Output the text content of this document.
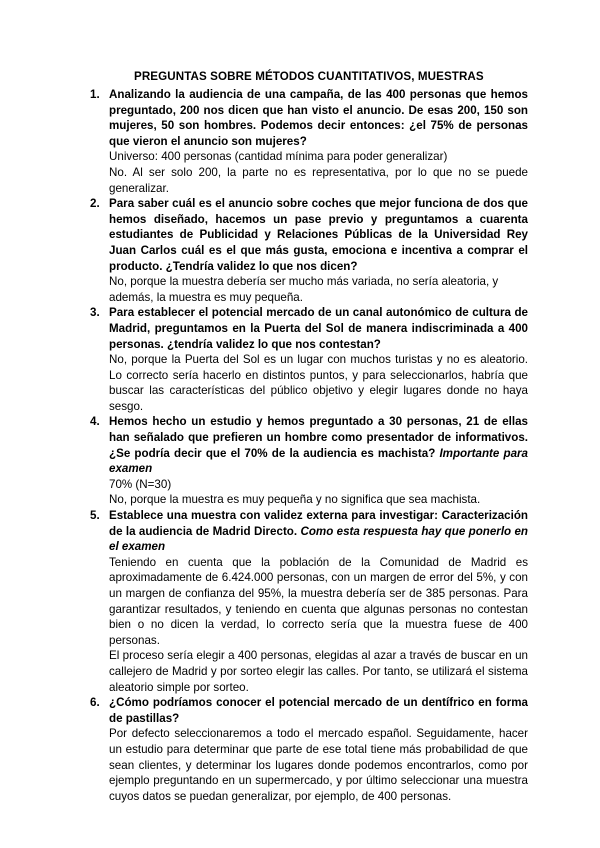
PREGUNTAS SOBRE MÉTODOS CUANTITATIVOS, MUESTRAS
1. Analizando la audiencia de una campaña, de las 400 personas que hemos preguntado, 200 nos dicen que han visto el anuncio. De esas 200, 150 son mujeres, 50 son hombres. Podemos decir entonces: ¿el 75% de personas que vieron el anuncio son mujeres?

Universo: 400 personas (cantidad mínima para poder generalizar)

No. Al ser solo 200, la parte no es representativa, por lo que no se puede generalizar.

2. Para saber cuál es el anuncio sobre coches que mejor funciona de dos que hemos diseñado, hacemos un pase previo y preguntamos a cuarenta estudiantes de Publicidad y Relaciones Públicas de la Universidad Rey Juan Carlos cuál es el que más gusta, emociona e incentiva a comprar el producto. ¿Tendría validez lo que nos dicen?

No, porque la muestra debería ser mucho más variada, no sería aleatoria, y además, la muestra es muy pequeña.

3. Para establecer el potencial mercado de un canal autonómico de cultura de Madrid, preguntamos en la Puerta del Sol de manera indiscriminada a 400 personas. ¿tendría validez lo que nos contestan?

No, porque la Puerta del Sol es un lugar con muchos turistas y no es aleatorio. Lo correcto sería hacerlo en distintos puntos, y para seleccionarlos, habría que buscar las características del público objetivo y elegir lugares donde no haya sesgo.

4. Hemos hecho un estudio y hemos preguntado a 30 personas, 21 de ellas han señalado que prefieren un hombre como presentador de informativos. ¿Se podría decir que el 70% de la audiencia es machista? Importante para examen

70% (N=30)

No, porque la muestra es muy pequeña y no significa que sea machista.

5. Establece una muestra con validez externa para investigar: Caracterización de la audiencia de Madrid Directo. Como esta respuesta hay que ponerlo en el examen

Teniendo en cuenta que la población de la Comunidad de Madrid es aproximadamente de 6.424.000 personas, con un margen de error del 5%, y con un margen de confianza del 95%, la muestra debería ser de 385 personas. Para garantizar resultados, y teniendo en cuenta que algunas personas no contestan bien o no dicen la verdad, lo correcto sería que la muestra fuese de 400 personas.

El proceso sería elegir a 400 personas, elegidas al azar a través de buscar en un callejero de Madrid y por sorteo elegir las calles. Por tanto, se utilizará el sistema aleatorio simple por sorteo.

6. ¿Cómo podríamos conocer el potencial mercado de un dentífrico en forma de pastillas?

Por defecto seleccionaremos a todo el mercado español. Seguidamente, hacer un estudio para determinar que parte de ese total tiene más probabilidad de que sean clientes, y determinar los lugares donde podemos encontrarlos, como por ejemplo preguntando en un supermercado, y por último seleccionar una muestra cuyos datos se puedan generalizar, por ejemplo, de 400 personas.
